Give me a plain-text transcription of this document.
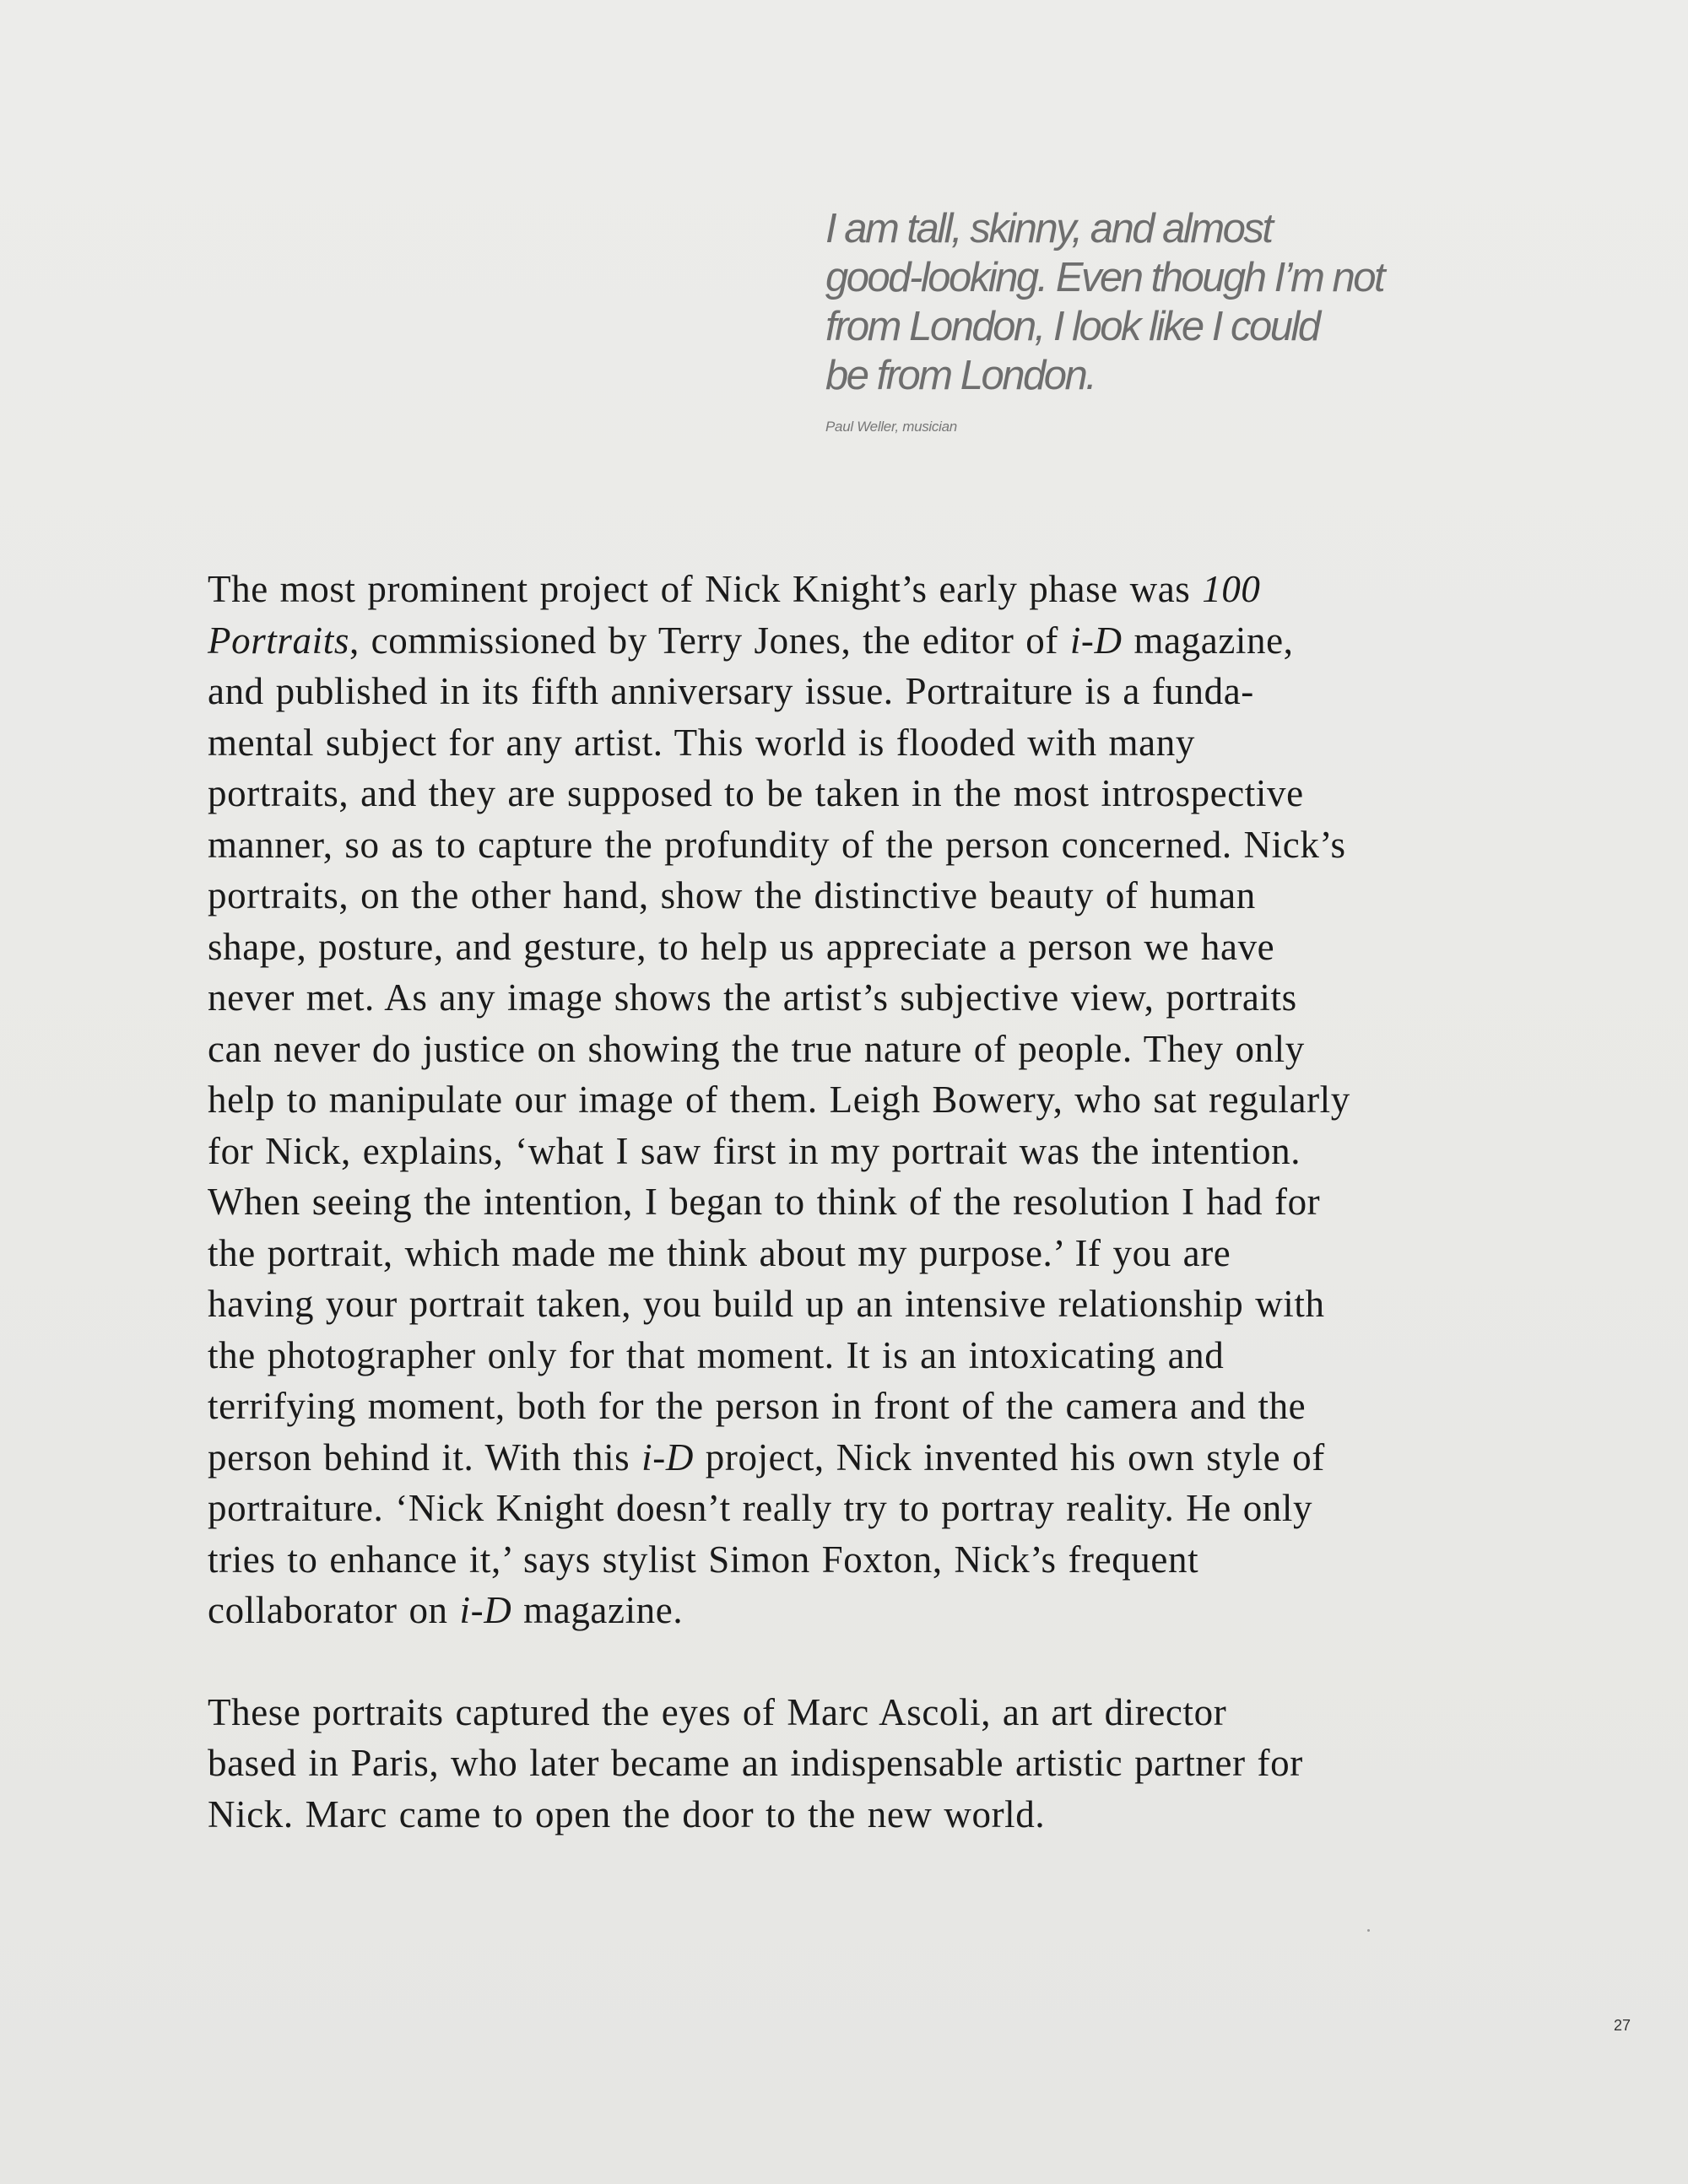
I am tall, skinny, and almost
good-looking. Even though I’m not
from London, I look like I could
be from London.

Paul Weller, musician

The most prominent project of Nick Knight’s early phase was 100
Portraits, commissioned by Terry Jones, the editor of i-D magazine,
and published in its fifth anniversary issue. Portraiture is a funda-
mental subject for any artist. This world is flooded with many
portraits, and they are supposed to be taken in the most introspective
manner, so as to capture the profundity of the person concerned. Nick’s
portraits, on the other hand, show the distinctive beauty of human
shape, posture, and gesture, to help us appreciate a person we have
never met. As any image shows the artist’s subjective view, portraits
can never do justice on showing the true nature of people. They only
help to manipulate our image of them. Leigh Bowery, who sat regularly
for Nick, explains, ‘what I saw first in my portrait was the intention.
When seeing the intention, I began to think of the resolution I had for
the portrait, which made me think about my purpose.’ If you are
having your portrait taken, you build up an intensive relationship with
the photographer only for that moment. It is an intoxicating and
terrifying moment, both for the person in front of the camera and the
person behind it. With this i-D project, Nick invented his own style of
portraiture. ‘Nick Knight doesn’t really try to portray reality. He only
tries to enhance it,’ says stylist Simon Foxton, Nick’s frequent
collaborator on i-D magazine.

These portraits captured the eyes of Marc Ascoli, an art director
based in Paris, who later became an indispensable artistic partner for
Nick. Marc came to open the door to the new world.

27
